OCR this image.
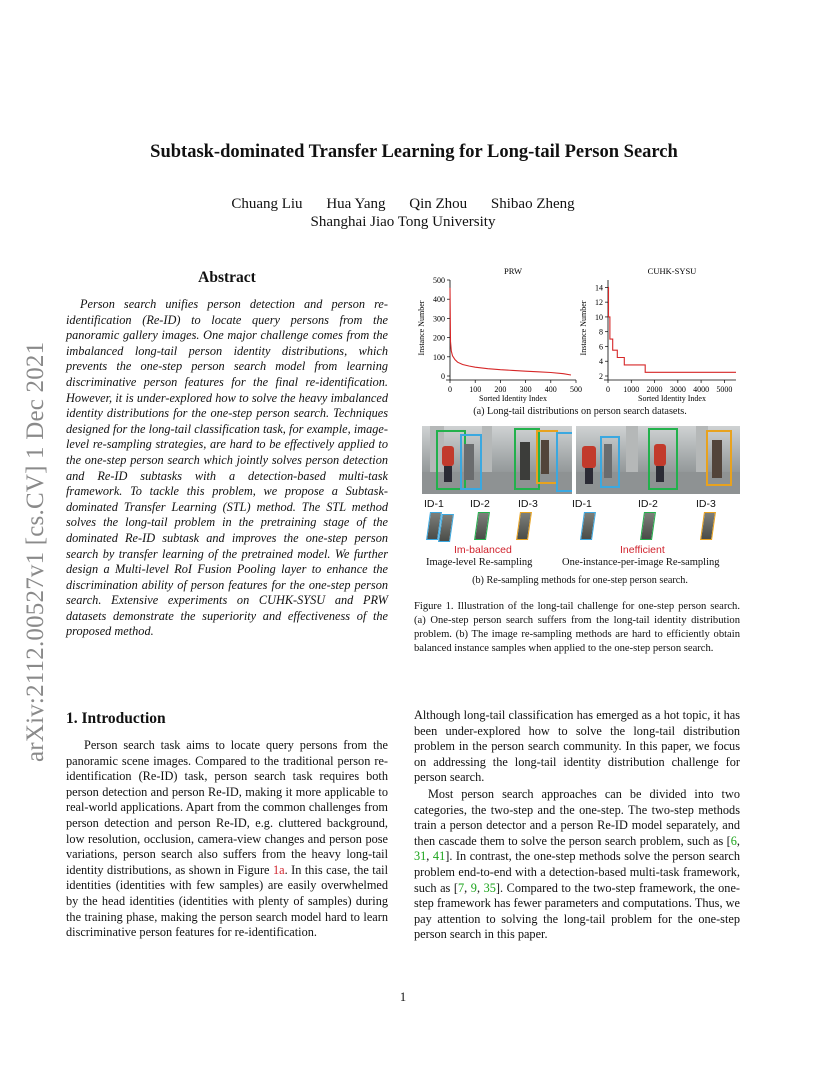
Subtask-dominated Transfer Learning for Long-tail Person Search
Chuang Liu Hua Yang Qin Zhou Shibao Zheng
Shanghai Jiao Tong University
arXiv:2112.00527v1 [cs.CV] 1 Dec 2021
Abstract
Person search unifies person detection and person re-identification (Re-ID) to locate query persons from the panoramic gallery images. One major challenge comes from the imbalanced long-tail person identity distributions, which prevents the one-step person search model from learning discriminative person features for the final re-identification. However, it is under-explored how to solve the heavy imbalanced identity distributions for the one-step person search. Techniques designed for the long-tail classification task, for example, image-level re-sampling strategies, are hard to be effectively applied to the one-step person search which jointly solves person detection and Re-ID subtasks with a detection-based multi-task framework. To tackle this problem, we propose a Subtask-dominated Transfer Learning (STL) method. The STL method solves the long-tail problem in the pretraining stage of the dominated Re-ID subtask and improves the one-step person search by transfer learning of the pretrained model. We further design a Multi-level RoI Fusion Pooling layer to enhance the discrimination ability of person features for the one-step person search. Extensive experiments on CUHK-SYSU and PRW datasets demonstrate the superiority and effectiveness of the proposed method.
1. Introduction
Person search task aims to locate query persons from the panoramic scene images. Compared to the traditional person re-identification (Re-ID) task, person search task requires both person detection and person Re-ID, making it more applicable to real-world applications. Apart from the common challenges from person detection and person Re-ID, e.g. cluttered background, low resolution, occlusion, camera-view changes and person pose variations, person search also suffers from the heavy long-tail identity distributions, as shown in Figure 1a. In this case, the tail identities (identities with few samples) are easily overwhelmed by the head identities (identities with plenty of samples) during the training phase, making the person search model hard to learn discriminative person features for re-identification.
Although long-tail classification has emerged as a hot topic, it has been under-explored how to solve the long-tail distribution problem in the person search community. In this paper, we focus on addressing the long-tail identity distribution challenge for person search.
Most person search approaches can be divided into two categories, the two-step and the one-step. The two-step methods train a person detector and a person Re-ID model separately, and then cascade them to solve the person search problem, such as [6, 31, 41]. In contrast, the one-step methods solve the person search problem end-to-end with a detection-based multi-task framework, such as [7, 9, 35]. Compared to the two-step framework, the one-step framework has fewer parameters and computations. Thus, we pay attention to solving the long-tail problem for the one-step person search in this paper.
PRW
0
100
200
300
400
500
0 100 200 300 400 500
Sorted Identity Index
Instance Number
CUHK-SYSU
2
4
6
8
10
12
14
0 1000 2000 3000 4000 5000
Sorted Identity Index
Instance Number
(a) Long-tail distributions on person search datasets.
ID-1 ID-2	ID-3	ID-1	ID-2	ID-3
Im-balanced
Image-level Re-sampling
Inefficient
One-instance-per-image Re-sampling
(b) Re-sampling methods for one-step person search.
Figure 1. Illustration of the long-tail challenge for one-step person search. (a) One-step person search suffers from the long-tail identity distribution problem. (b) The image re-sampling methods are hard to efficiently obtain balanced instance samples when applied to the one-step person search.
1
